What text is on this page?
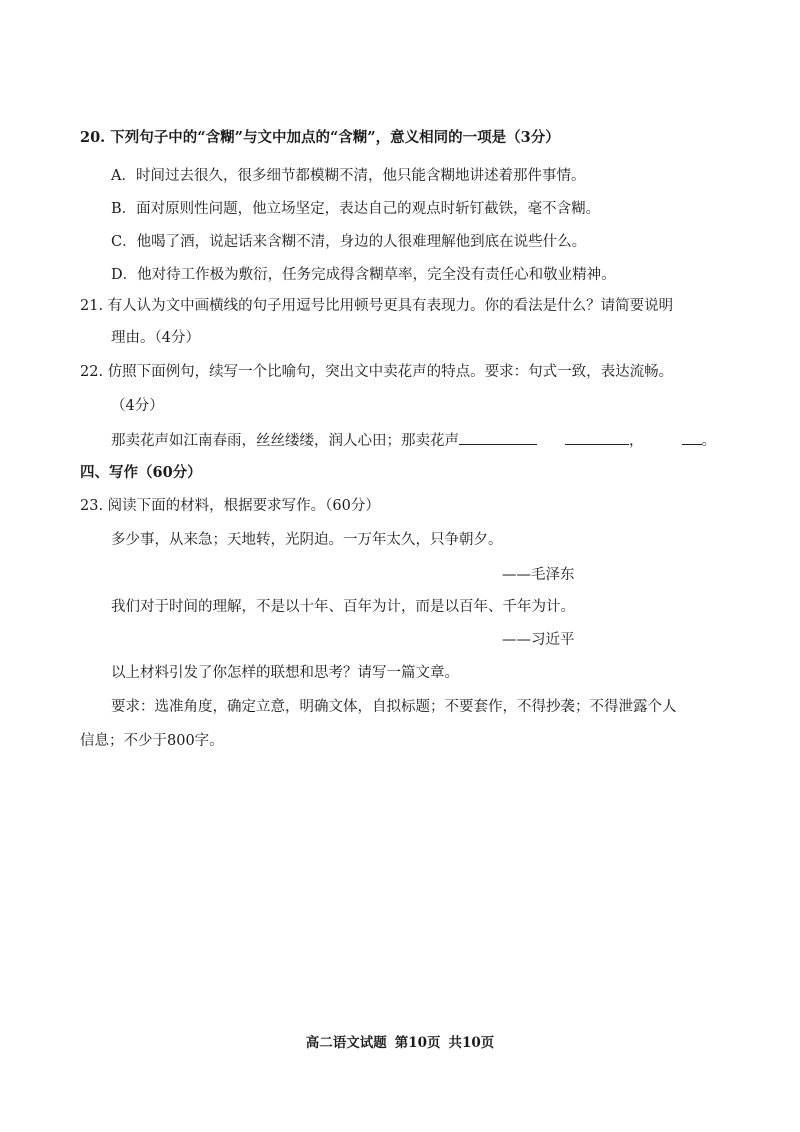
20. 下列句子中的“含糊”与文中加点的“含糊”，意义相同的一项是（3分）
A．时间过去很久，很多细节都模糊不清，他只能含糊地讲述着那件事情。
B．面对原则性问题，他立场坚定，表达自己的观点时斩钉截铁，毫不含糊。
C．他喝了酒，说起话来含糊不清，身边的人很难理解他到底在说些什么。
D．他对待工作极为敷衍，任务完成得含糊草率，完全没有责任心和敬业精神。
21. 有人认为文中画横线的句子用逗号比用顿号更具有表现力。你的看法是什么？请简要说明
理由。（4分）
22. 仿照下面例句，续写一个比喻句，突出文中卖花声的特点。要求：句式一致，表达流畅。
（4分）
那卖花声如江南春雨，丝丝缕缕，润人心田；那卖花声	，	。
四、写作（60分）
23. 阅读下面的材料，根据要求写作。（60分）
多少事，从来急；天地转，光阴迫。一万年太久，只争朝夕。
——毛泽东
我们对于时间的理解，不是以十年、百年为计，而是以百年、千年为计。
——习近平
以上材料引发了你怎样的联想和思考？请写一篇文章。
要求：选准角度，确定立意，明确文体，自拟标题；不要套作，不得抄袭；不得泄露个人
信息；不少于800字。
高二语文试题 第10页 共10页
